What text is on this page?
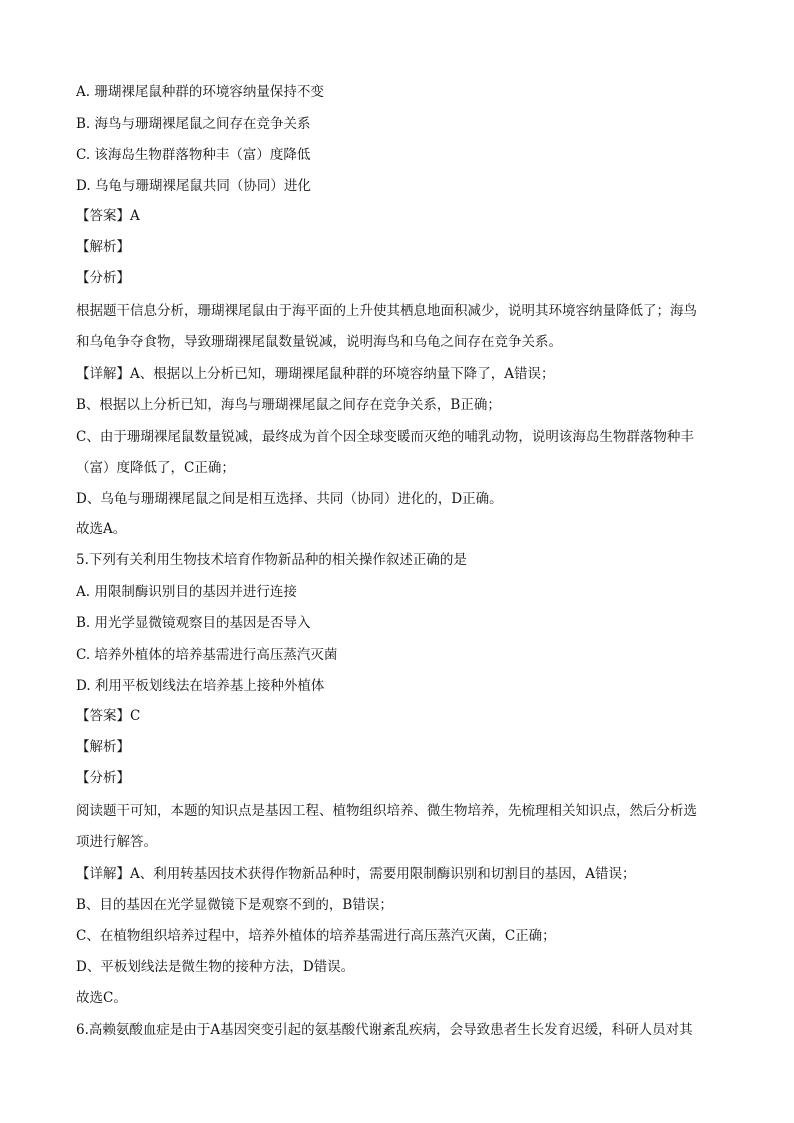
A. 珊瑚裸尾鼠种群的环境容纳量保持不变
B. 海鸟与珊瑚裸尾鼠之间存在竞争关系
C. 该海岛生物群落物种丰（富）度降低
D. 乌龟与珊瑚裸尾鼠共同（协同）进化
【答案】A
【解析】
【分析】
根据题干信息分析，珊瑚裸尾鼠由于海平面的上升使其栖息地面积减少，说明其环境容纳量降低了；海鸟
和乌龟争夺食物，导致珊瑚裸尾鼠数量锐减，说明海鸟和乌龟之间存在竞争关系。
【详解】A、根据以上分析已知，珊瑚裸尾鼠种群的环境容纳量下降了，A错误；
B、根据以上分析已知，海鸟与珊瑚裸尾鼠之间存在竞争关系，B正确；
C、由于珊瑚裸尾鼠数量锐减，最终成为首个因全球变暖而灭绝的哺乳动物，说明该海岛生物群落物种丰
（富）度降低了，C正确；
D、乌龟与珊瑚裸尾鼠之间是相互选择、共同（协同）进化的，D正确。
故选A。
5.下列有关利用生物技术培育作物新品种的相关操作叙述正确的是
A. 用限制酶识别目的基因并进行连接
B. 用光学显微镜观察目的基因是否导入
C. 培养外植体的培养基需进行高压蒸汽灭菌
D. 利用平板划线法在培养基上接种外植体
【答案】C
【解析】
【分析】
阅读题干可知，本题的知识点是基因工程、植物组织培养、微生物培养，先梳理相关知识点，然后分析选
项进行解答。
【详解】A、利用转基因技术获得作物新品种时，需要用限制酶识别和切割目的基因，A错误；
B、目的基因在光学显微镜下是观察不到的，B错误；
C、在植物组织培养过程中，培养外植体的培养基需进行高压蒸汽灭菌，C正确；
D、平板划线法是微生物的接种方法，D错误。
故选C。
6.高赖氨酸血症是由于A基因突变引起的氨基酸代谢紊乱疾病，会导致患者生长发育迟缓，科研人员对其
